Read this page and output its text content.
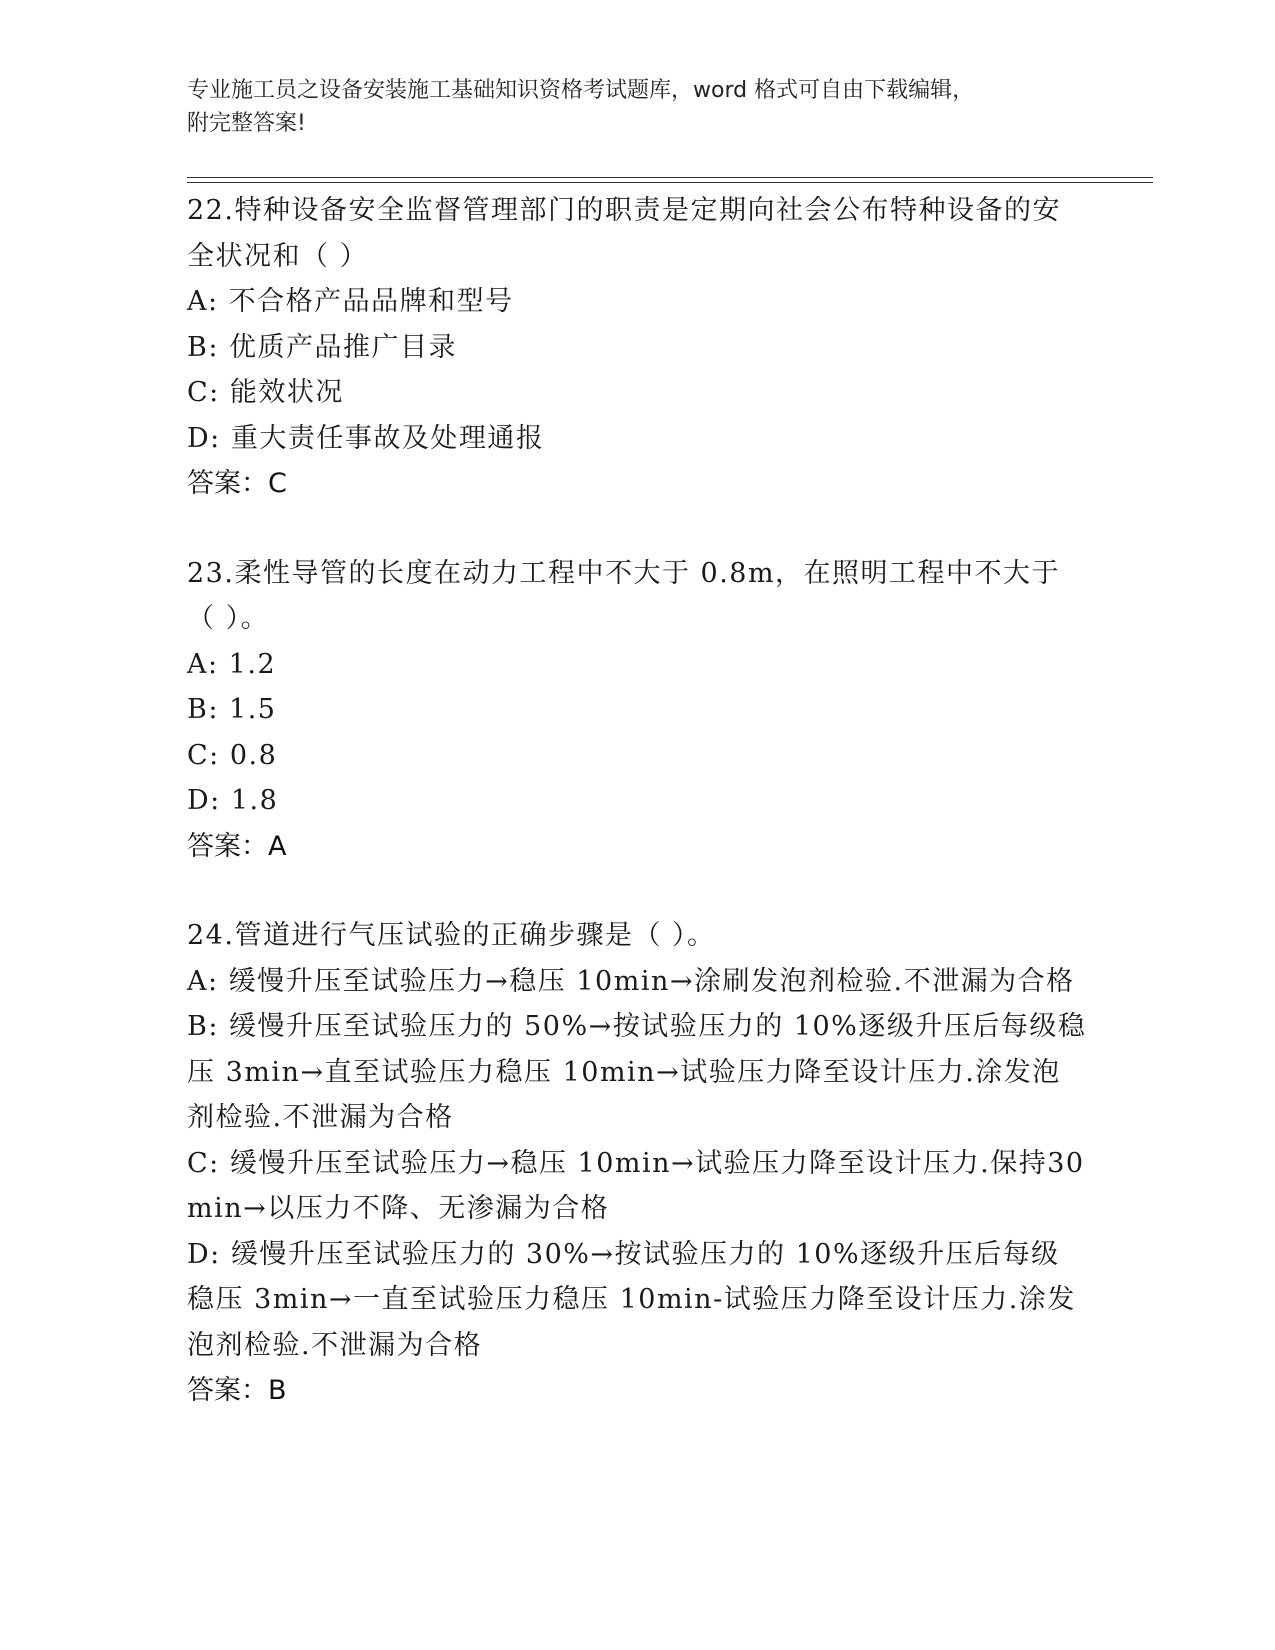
专业施工员之设备安装施工基础知识资格考试题库，word 格式可自由下载编辑，
附完整答案!

22.特种设备安全监督管理部门的职责是定期向社会公布特种设备的安全状况和（ ）

A: 不合格产品品牌和型号

B: 优质产品推广目录

C: 能效状况

D: 重大责任事故及处理通报

答案：C

23.柔性导管的长度在动力工程中不大于 0.8m，在照明工程中不大于（ ）。

A: 1.2

B: 1.5

C: 0.8

D: 1.8

答案：A

24.管道进行气压试验的正确步骤是（ ）。

A: 缓慢升压至试验压力→稳压 10min→涂刷发泡剂检验.不泄漏为合格

B: 缓慢升压至试验压力的 50%→按试验压力的 10%逐级升压后每级稳压 3min→直至试验压力稳压 10min→试验压力降至设计压力.涂发泡剂检验.不泄漏为合格

C: 缓慢升压至试验压力→稳压 10min→试验压力降至设计压力.保持30min→以压力不降、无渗漏为合格

D: 缓慢升压至试验压力的 30%→按试验压力的 10%逐级升压后每级稳压 3min→一直至试验压力稳压 10min-试验压力降至设计压力.涂发泡剂检验.不泄漏为合格

答案：B
